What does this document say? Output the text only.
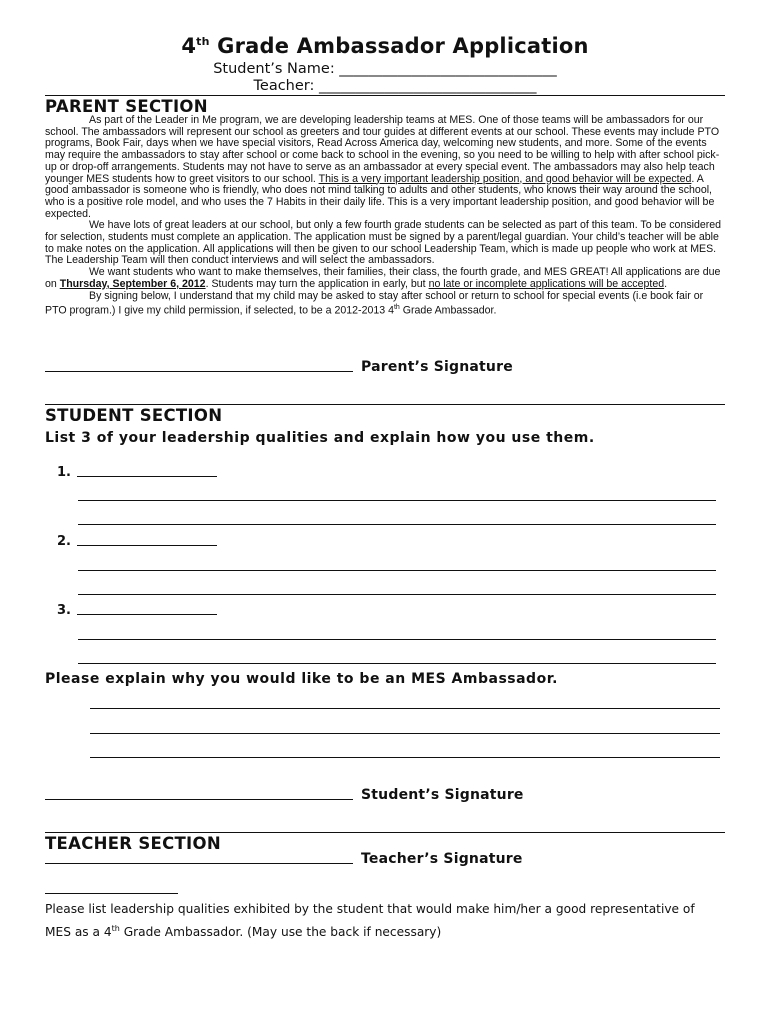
4th Grade Ambassador Application
Student’s Name: ______________________________
Teacher: ______________________________
PARENT SECTION

As part of the Leader in Me program, we are developing leadership teams at MES. One of those teams will be ambassadors for our school. The ambassadors will represent our school as greeters and tour guides at different events at our school. These events may include PTO programs, Book Fair, days when we have special visitors, Read Across America day, welcoming new students, and more. Some of the events may require the ambassadors to stay after school or come back to school in the evening, so you need to be willing to help with after school pick-up or drop-off arrangements. Students may not have to serve as an ambassador at every special event. The ambassadors may also help teach younger MES students how to greet visitors to our school. This is a very important leadership position, and good behavior will be expected. A good ambassador is someone who is friendly, who does not mind talking to adults and other students, who knows their way around the school, who is a positive role model, and who uses the 7 Habits in their daily life. This is a very important leadership position, and good behavior will be expected.

We have lots of great leaders at our school, but only a few fourth grade students can be selected as part of this team. To be considered for selection, students must complete an application. The application must be signed by a parent/legal guardian. Your child’s teacher will be able to make notes on the application. All applications will then be given to our school Leadership Team, which is made up people who work at MES. The Leadership Team will then conduct interviews and will select the ambassadors.

We want students who want to make themselves, their families, their class, the fourth grade, and MES GREAT! All applications are due on Thursday, September 6, 2012. Students may turn the application in early, but no late or incomplete applications will be accepted.

By signing below, I understand that my child may be asked to stay after school or return to school for special events (i.e book fair or PTO program.) I give my child permission, if selected, to be a 2012-2013 4th Grade Ambassador.

Parent’s Signature
STUDENT SECTION
List 3 of your leadership qualities and explain how you use them.
1.
2.
3.
Please explain why you would like to be an MES Ambassador.
Student’s Signature
TEACHER SECTION
Teacher’s Signature
Please list leadership qualities exhibited by the student that would make him/her a good representative of MES as a 4th Grade Ambassador. (May use the back if necessary)
